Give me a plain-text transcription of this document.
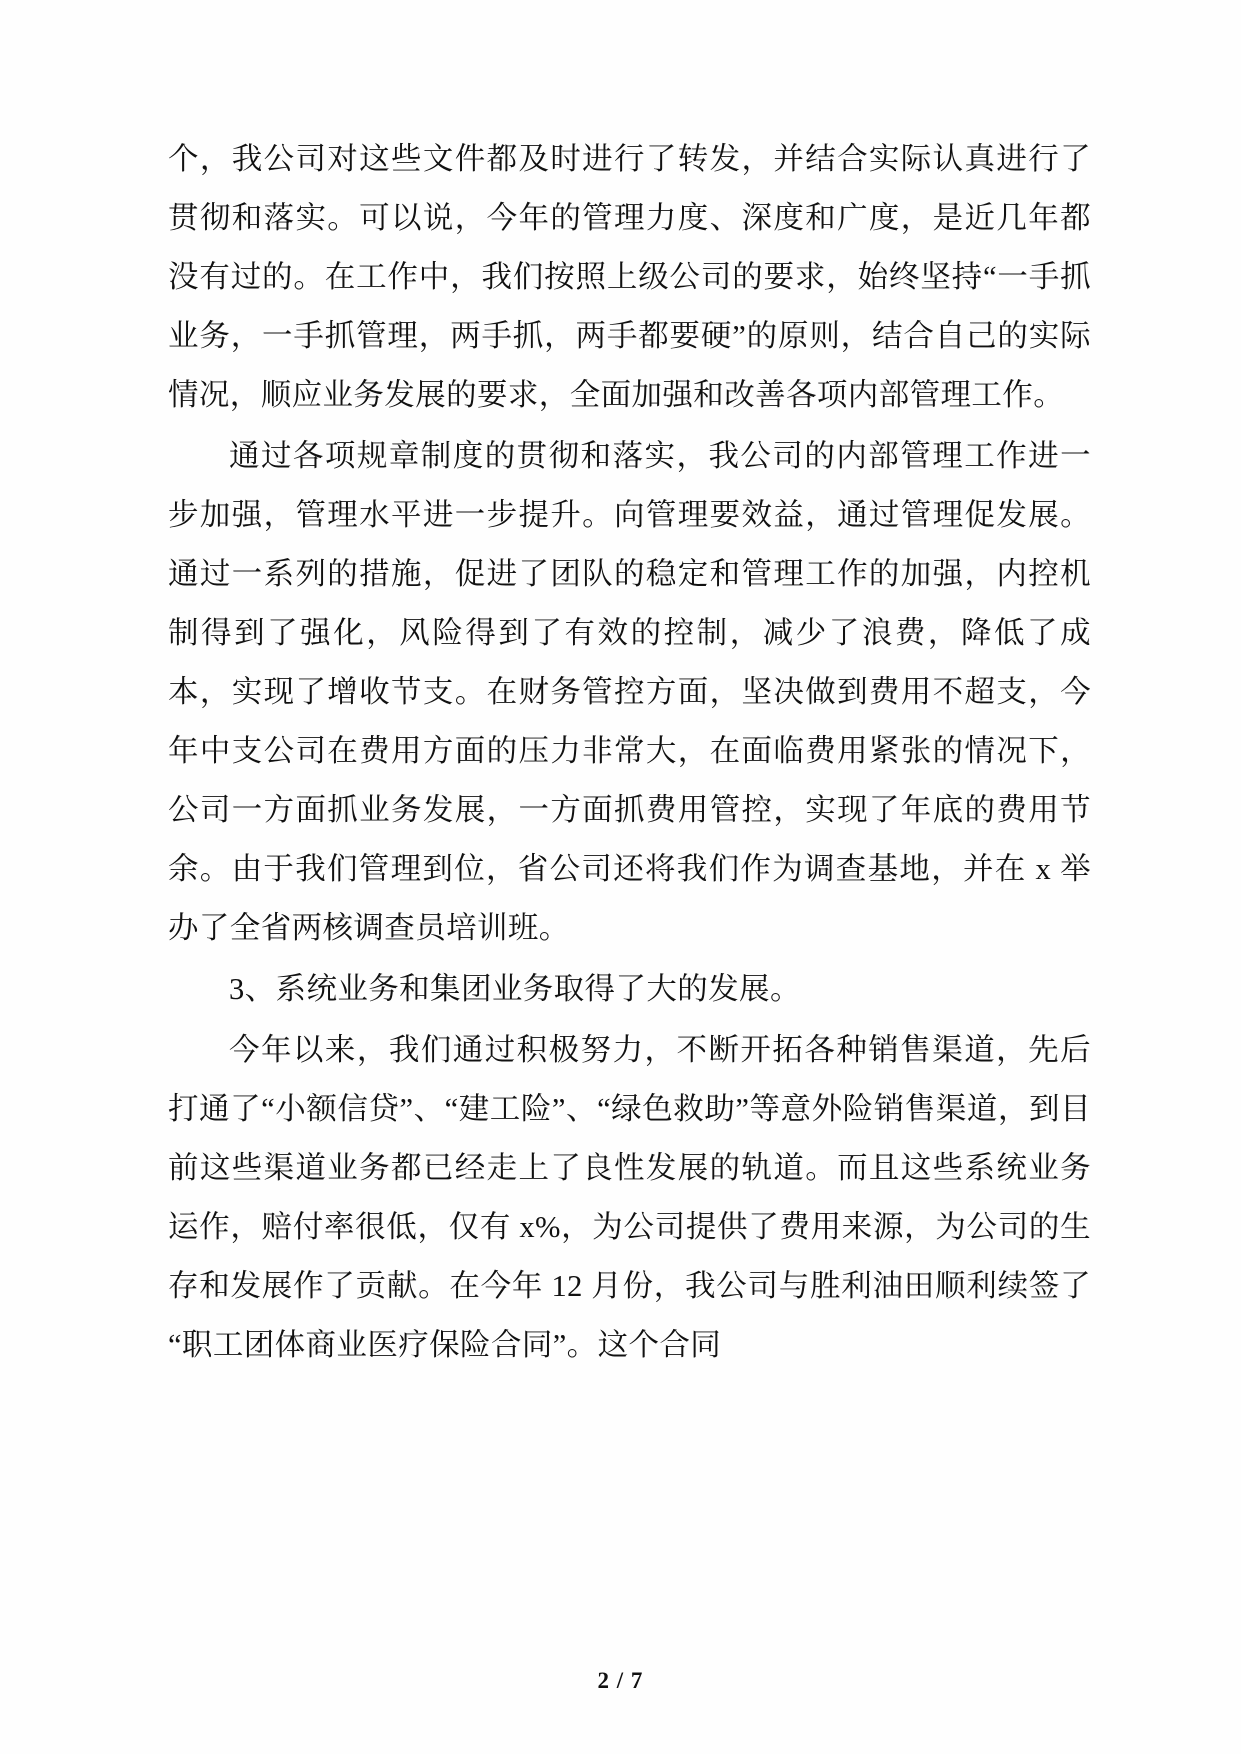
个，我公司对这些文件都及时进行了转发，并结合实际认真进行了贯彻和落实。可以说，今年的管理力度、深度和广度，是近几年都没有过的。在工作中，我们按照上级公司的要求，始终坚持“一手抓业务，一手抓管理，两手抓，两手都要硬”的原则，结合自己的实际情况，顺应业务发展的要求，全面加强和改善各项内部管理工作。

通过各项规章制度的贯彻和落实，我公司的内部管理工作进一步加强，管理水平进一步提升。向管理要效益，通过管理促发展。通过一系列的措施，促进了团队的稳定和管理工作的加强，内控机制得到了强化，风险得到了有效的控制，减少了浪费，降低了成本，实现了增收节支。在财务管控方面，坚决做到费用不超支，今年中支公司在费用方面的压力非常大，在面临费用紧张的情况下，公司一方面抓业务发展，一方面抓费用管控，实现了年底的费用节余。由于我们管理到位，省公司还将我们作为调查基地，并在 x 举办了全省两核调查员培训班。

3、系统业务和集团业务取得了大的发展。

今年以来，我们通过积极努力，不断开拓各种销售渠道，先后打通了“小额信贷”、“建工险”、“绿色救助”等意外险销售渠道，到目前这些渠道业务都已经走上了良性发展的轨道。而且这些系统业务运作，赔付率很低，仅有 x%，为公司提供了费用来源，为公司的生存和发展作了贡献。在今年 12 月份，我公司与胜利油田顺利续签了“职工团体商业医疗保险合同”。这个合同

2 / 7
